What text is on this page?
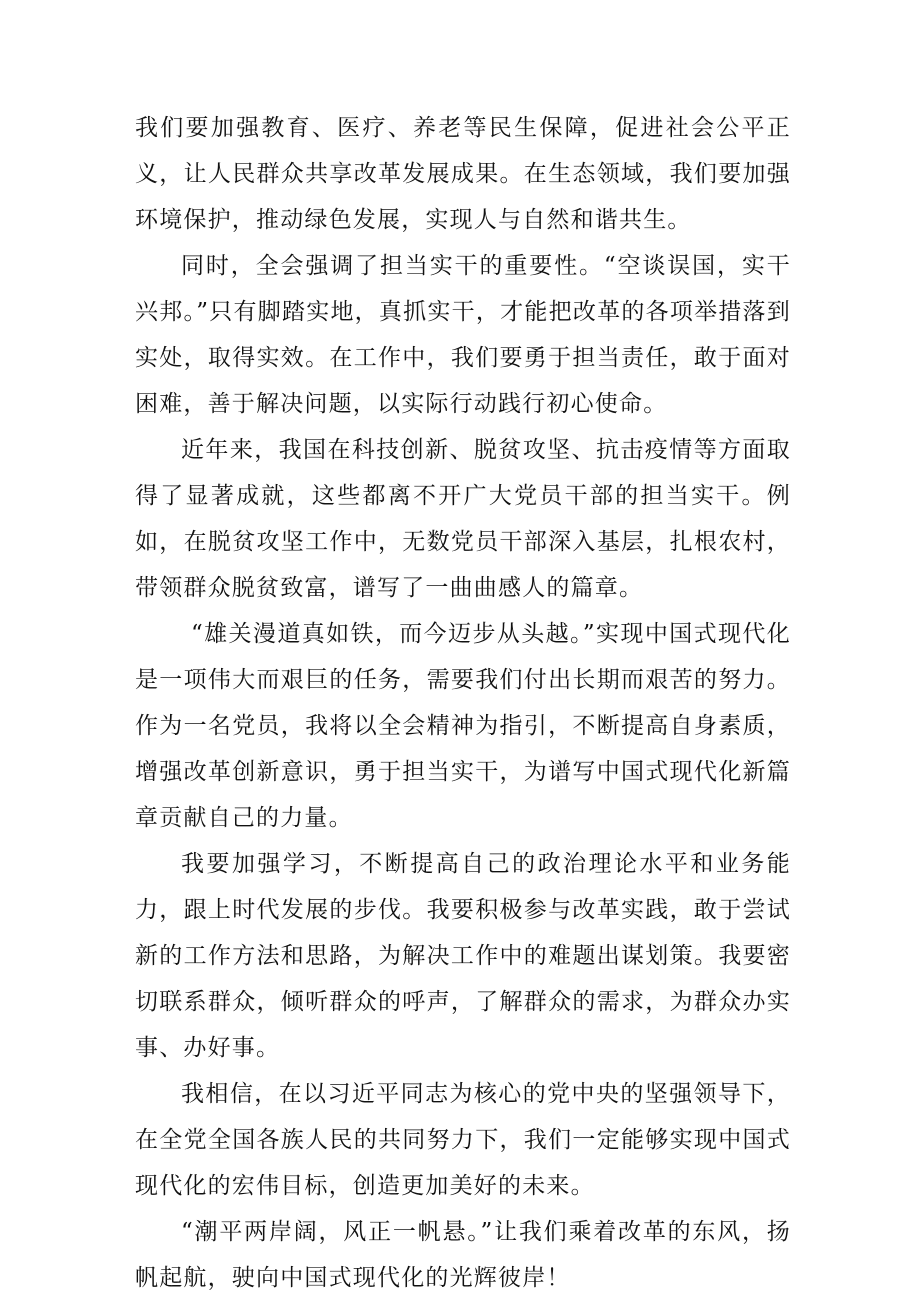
我们要加强教育、医疗、养老等民生保障，促进社会公平正义，让人民群众共享改革发展成果。在生态领域，我们要加强环境保护，推动绿色发展，实现人与自然和谐共生。

同时，全会强调了担当实干的重要性。“空谈误国，实干兴邦。”只有脚踏实地，真抓实干，才能把改革的各项举措落到实处，取得实效。在工作中，我们要勇于担当责任，敢于面对困难，善于解决问题，以实际行动践行初心使命。

近年来，我国在科技创新、脱贫攻坚、抗击疫情等方面取得了显著成就，这些都离不开广大党员干部的担当实干。例如，在脱贫攻坚工作中，无数党员干部深入基层，扎根农村，带领群众脱贫致富，谱写了一曲曲感人的篇章。

“雄关漫道真如铁，而今迈步从头越。”实现中国式现代化是一项伟大而艰巨的任务，需要我们付出长期而艰苦的努力。作为一名党员，我将以全会精神为指引，不断提高自身素质，增强改革创新意识，勇于担当实干，为谱写中国式现代化新篇章贡献自己的力量。

我要加强学习，不断提高自己的政治理论水平和业务能力，跟上时代发展的步伐。我要积极参与改革实践，敢于尝试新的工作方法和思路，为解决工作中的难题出谋划策。我要密切联系群众，倾听群众的呼声，了解群众的需求，为群众办实事、办好事。

我相信，在以习近平同志为核心的党中央的坚强领导下，在全党全国各族人民的共同努力下，我们一定能够实现中国式现代化的宏伟目标，创造更加美好的未来。

“潮平两岸阔，风正一帆悬。”让我们乘着改革的东风，扬帆起航，驶向中国式现代化的光辉彼岸！
